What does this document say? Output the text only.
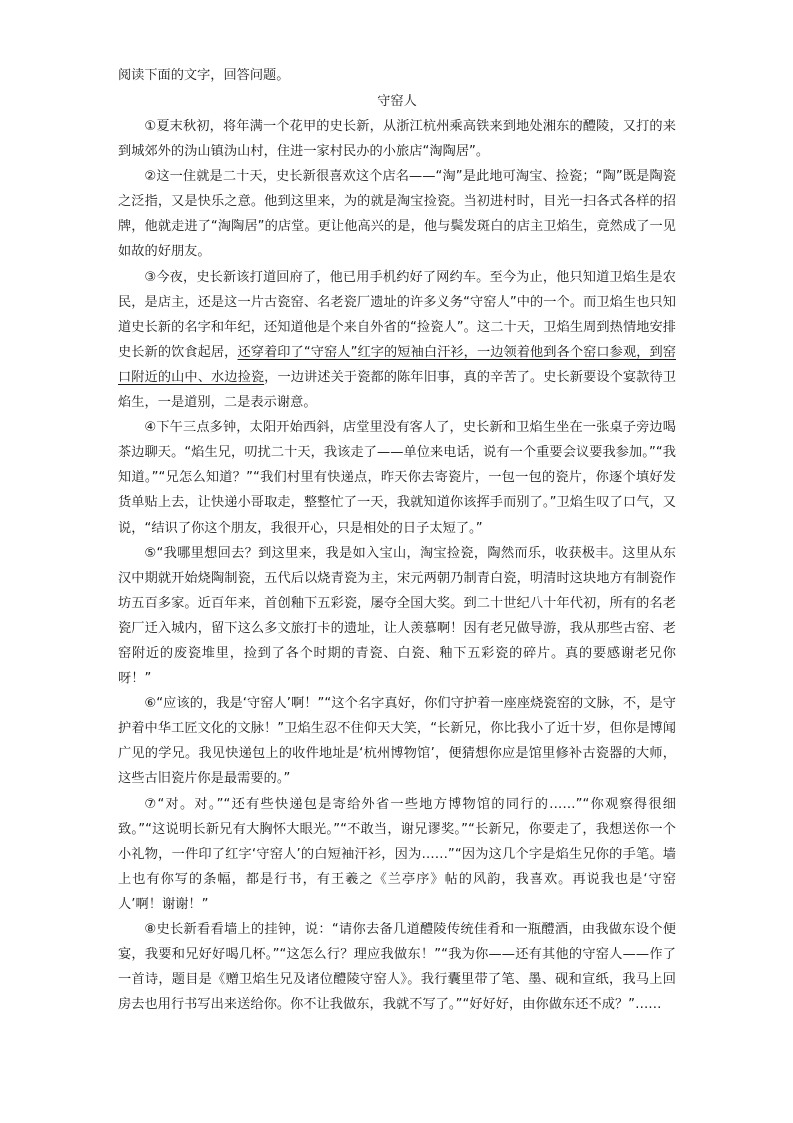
阅读下面的文字，回答问题。

守窑人

①夏末秋初，将年满一个花甲的史长新，从浙江杭州乘高铁来到地处湘东的醴陵，又打的来到城郊外的沩山镇沩山村，住进一家村民办的小旅店“淘陶居”。

②这一住就是二十天，史长新很喜欢这个店名——“淘”是此地可淘宝、捡瓷；“陶”既是陶瓷之泛指，又是快乐之意。他到这里来，为的就是淘宝捡瓷。当初进村时，目光一扫各式各样的招牌，他就走进了“淘陶居”的店堂。更让他高兴的是，他与鬓发斑白的店主卫焰生，竟然成了一见如故的好朋友。

③今夜，史长新该打道回府了，他已用手机约好了网约车。至今为止，他只知道卫焰生是农民，是店主，还是这一片古瓷窑、名老瓷厂遗址的许多义务“守窑人”中的一个。而卫焰生也只知道史长新的名字和年纪，还知道他是个来自外省的“捡瓷人”。这二十天，卫焰生周到热情地安排史长新的饮食起居，还穿着印了“守窑人”红字的短袖白汗衫，一边领着他到各个窑口参观，到窑口附近的山中、水边捡瓷，一边讲述关于瓷都的陈年旧事，真的辛苦了。史长新要设个宴款待卫焰生，一是道别，二是表示谢意。

④下午三点多钟，太阳开始西斜，店堂里没有客人了，史长新和卫焰生坐在一张桌子旁边喝茶边聊天。“焰生兄，叨扰二十天，我该走了——单位来电话，说有一个重要会议要我参加。”“我知道。”“兄怎么知道？”“我们村里有快递点，昨天你去寄瓷片，一包一包的瓷片，你逐个填好发货单贴上去，让快递小哥取走，整整忙了一天，我就知道你该挥手而别了。”卫焰生叹了口气，又说，“结识了你这个朋友，我很开心，只是相处的日子太短了。”

⑤“我哪里想回去？到这里来，我是如入宝山，淘宝捡瓷，陶然而乐，收获极丰。这里从东汉中期就开始烧陶制瓷，五代后以烧青瓷为主，宋元两朝乃制青白瓷，明清时这块地方有制瓷作坊五百多家。近百年来，首创釉下五彩瓷，屡夺全国大奖。到二十世纪八十年代初，所有的名老瓷厂迁入城内，留下这么多文旅打卡的遗址，让人羡慕啊！因有老兄做导游，我从那些古窑、老窑附近的废瓷堆里，捡到了各个时期的青瓷、白瓷、釉下五彩瓷的碎片。真的要感谢老兄你呀！”

⑥“应该的，我是‘守窑人’啊！”“这个名字真好，你们守护着一座座烧瓷窑的文脉，不，是守护着中华工匠文化的文脉！”卫焰生忍不住仰天大笑，“长新兄，你比我小了近十岁，但你是博闻广见的学兄。我见快递包上的收件地址是‘杭州博物馆’，便猜想你应是馆里修补古瓷器的大师，这些古旧瓷片你是最需要的。”

⑦“对。对。”“还有些快递包是寄给外省一些地方博物馆的同行的……”“你观察得很细致。”“这说明长新兄有大胸怀大眼光。”“不敢当，谢兄谬奖。”“长新兄，你要走了，我想送你一个小礼物，一件印了红字‘守窑人’的白短袖汗衫，因为……”“因为这几个字是焰生兄你的手笔。墙上也有你写的条幅，都是行书，有王羲之《兰亭序》帖的风韵，我喜欢。再说我也是‘守窑人’啊！谢谢！”

⑧史长新看看墙上的挂钟，说：“请你去备几道醴陵传统佳肴和一瓶醴酒，由我做东设个便宴，我要和兄好好喝几杯。”“这怎么行？理应我做东！”“我为你——还有其他的守窑人——作了一首诗，题目是《赠卫焰生兄及诸位醴陵守窑人》。我行囊里带了笔、墨、砚和宣纸，我马上回房去也用行书写出来送给你。你不让我做东，我就不写了。”“好好好，由你做东还不成？”……
